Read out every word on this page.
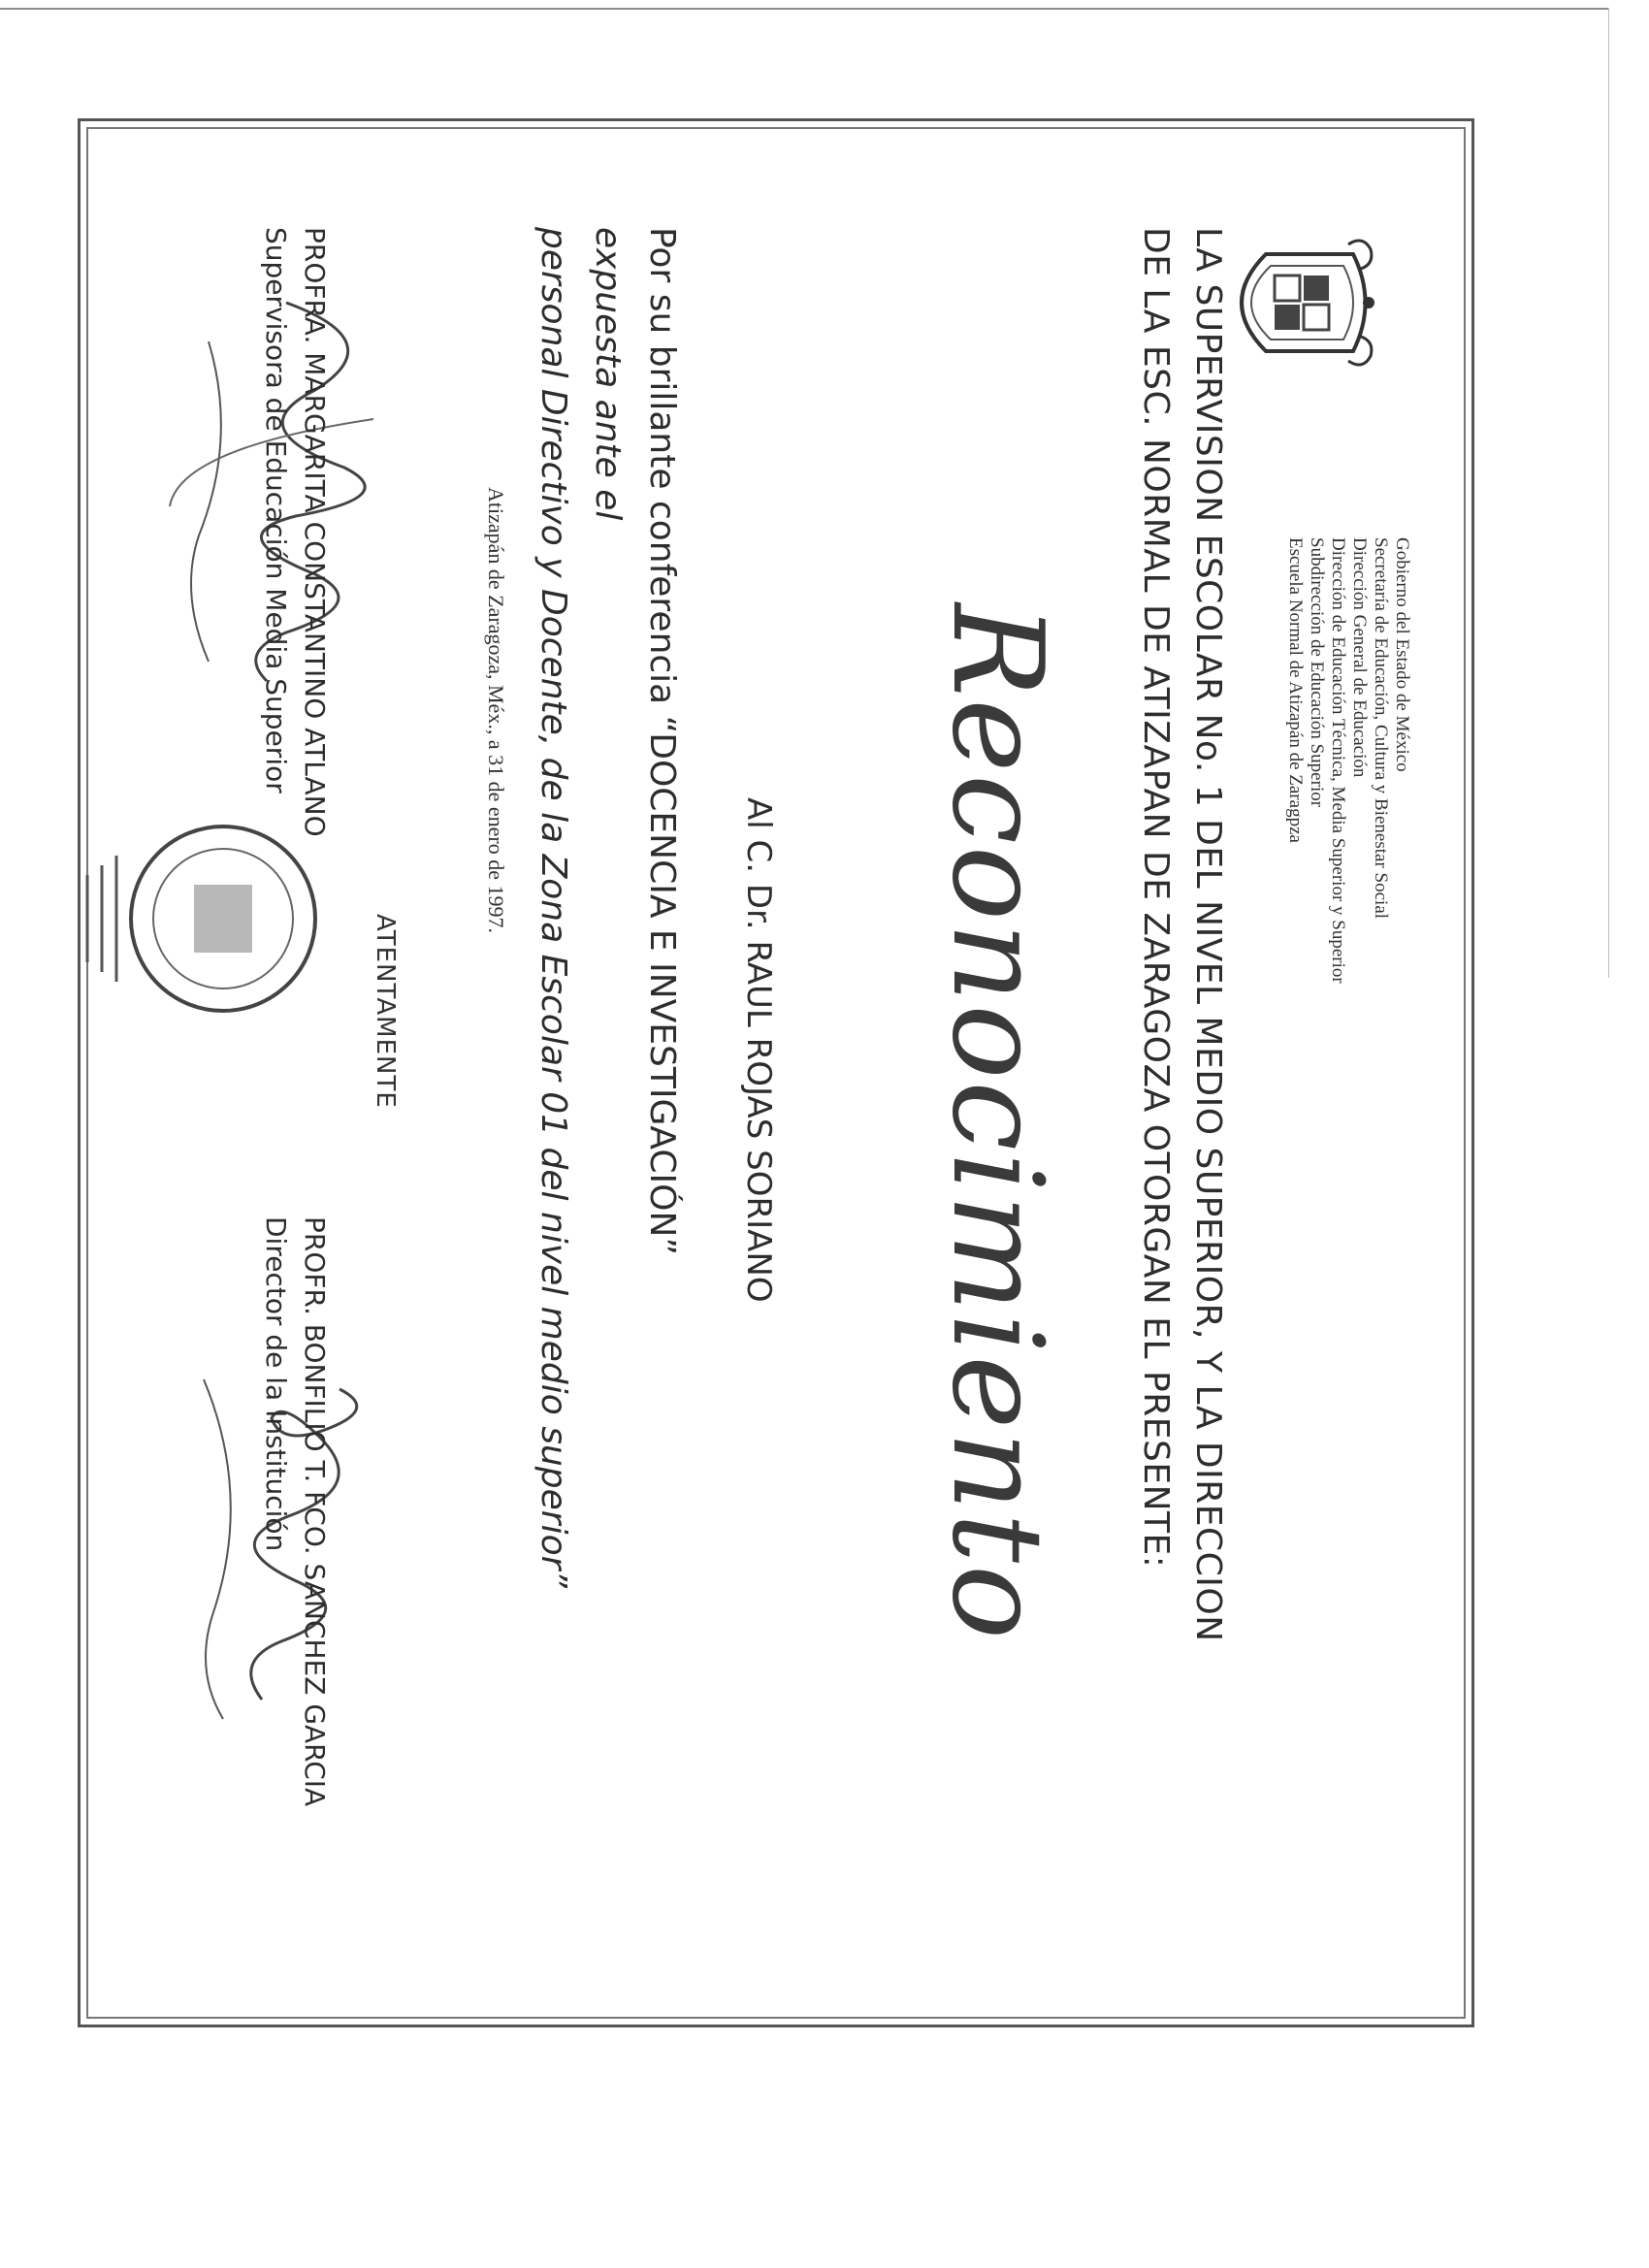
Gobierno del Estado de México
Secretaría de Educación, Cultura y Bienestar Social
Dirección General de Educación
Dirección de Educación Técnica, Media Superior y Superior
Subdirección de Educación Superior
Escuela Normal de Atizapán de Zaragpza
LA SUPERVISION ESCOLAR No. 1 DEL NIVEL MEDIO SUPERIOR, Y LA DIRECCION
DE LA ESC. NORMAL DE ATIZAPAN DE ZARAGOZA OTORGAN EL PRESENTE:
Reconocimiento
Al C. Dr. RAUL ROJAS SORIANO
Por su brillante conferencia “DOCENCIA E INVESTIGACIÓN”
expuesta ante el
personal Directivo y Docente, de la Zona Escolar 01 del nivel medio superior”
Atizapán de Zaragoza, Méx., a 31 de enero de 1997.
ATENTAMENTE
PROFRA. MARGARITA CONSTANTINO ATLANO
Supervisora de Educación Media Superior
PROFR. BONFILIO T. FCO. SANCHEZ GARCIA
Director de la Institución
